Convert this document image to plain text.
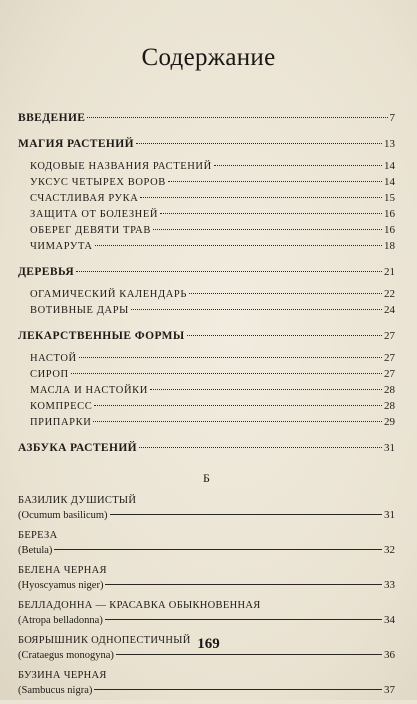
Содержание
ВВЕДЕНИЕ	7
МАГИЯ РАСТЕНИЙ	13
КОДОВЫЕ НАЗВАНИЯ РАСТЕНИЙ	14
УКСУС ЧЕТЫРЕХ ВОРОВ	14
СЧАСТЛИВАЯ РУКА	15
ЗАЩИТА ОТ БОЛЕЗНЕЙ	16
ОБЕРЕГ ДЕВЯТИ ТРАВ	16
ЧИМАРУТА	18
ДЕРЕВЬЯ	21
ОГАМИЧЕСКИЙ КАЛЕНДАРЬ	22
ВОТИВНЫЕ ДАРЫ	24
ЛЕКАРСТВЕННЫЕ ФОРМЫ	27
НАСТОЙ	27
СИРОП	27
МАСЛА И НАСТОЙКИ	28
КОМПРЕСС	28
ПРИПАРКИ	29
АЗБУКА РАСТЕНИЙ	31
Б
БАЗИЛИК ДУШИСТЫЙ
(Ocumum basilicum)	31
БЕРЕЗА
(Betula)	32
БЕЛЕНА ЧЕРНАЯ
(Hyoscyamus niger)	33
БЕЛЛАДОННА — КРАСАВКА ОБЫКНОВЕННАЯ
(Atropa belladonna)	34
БОЯРЫШНИК ОДНОПЕСТИЧНЫЙ
(Crataegus monogyna)	36
БУЗИНА ЧЕРНАЯ
(Sambucus nigra)	37
169
